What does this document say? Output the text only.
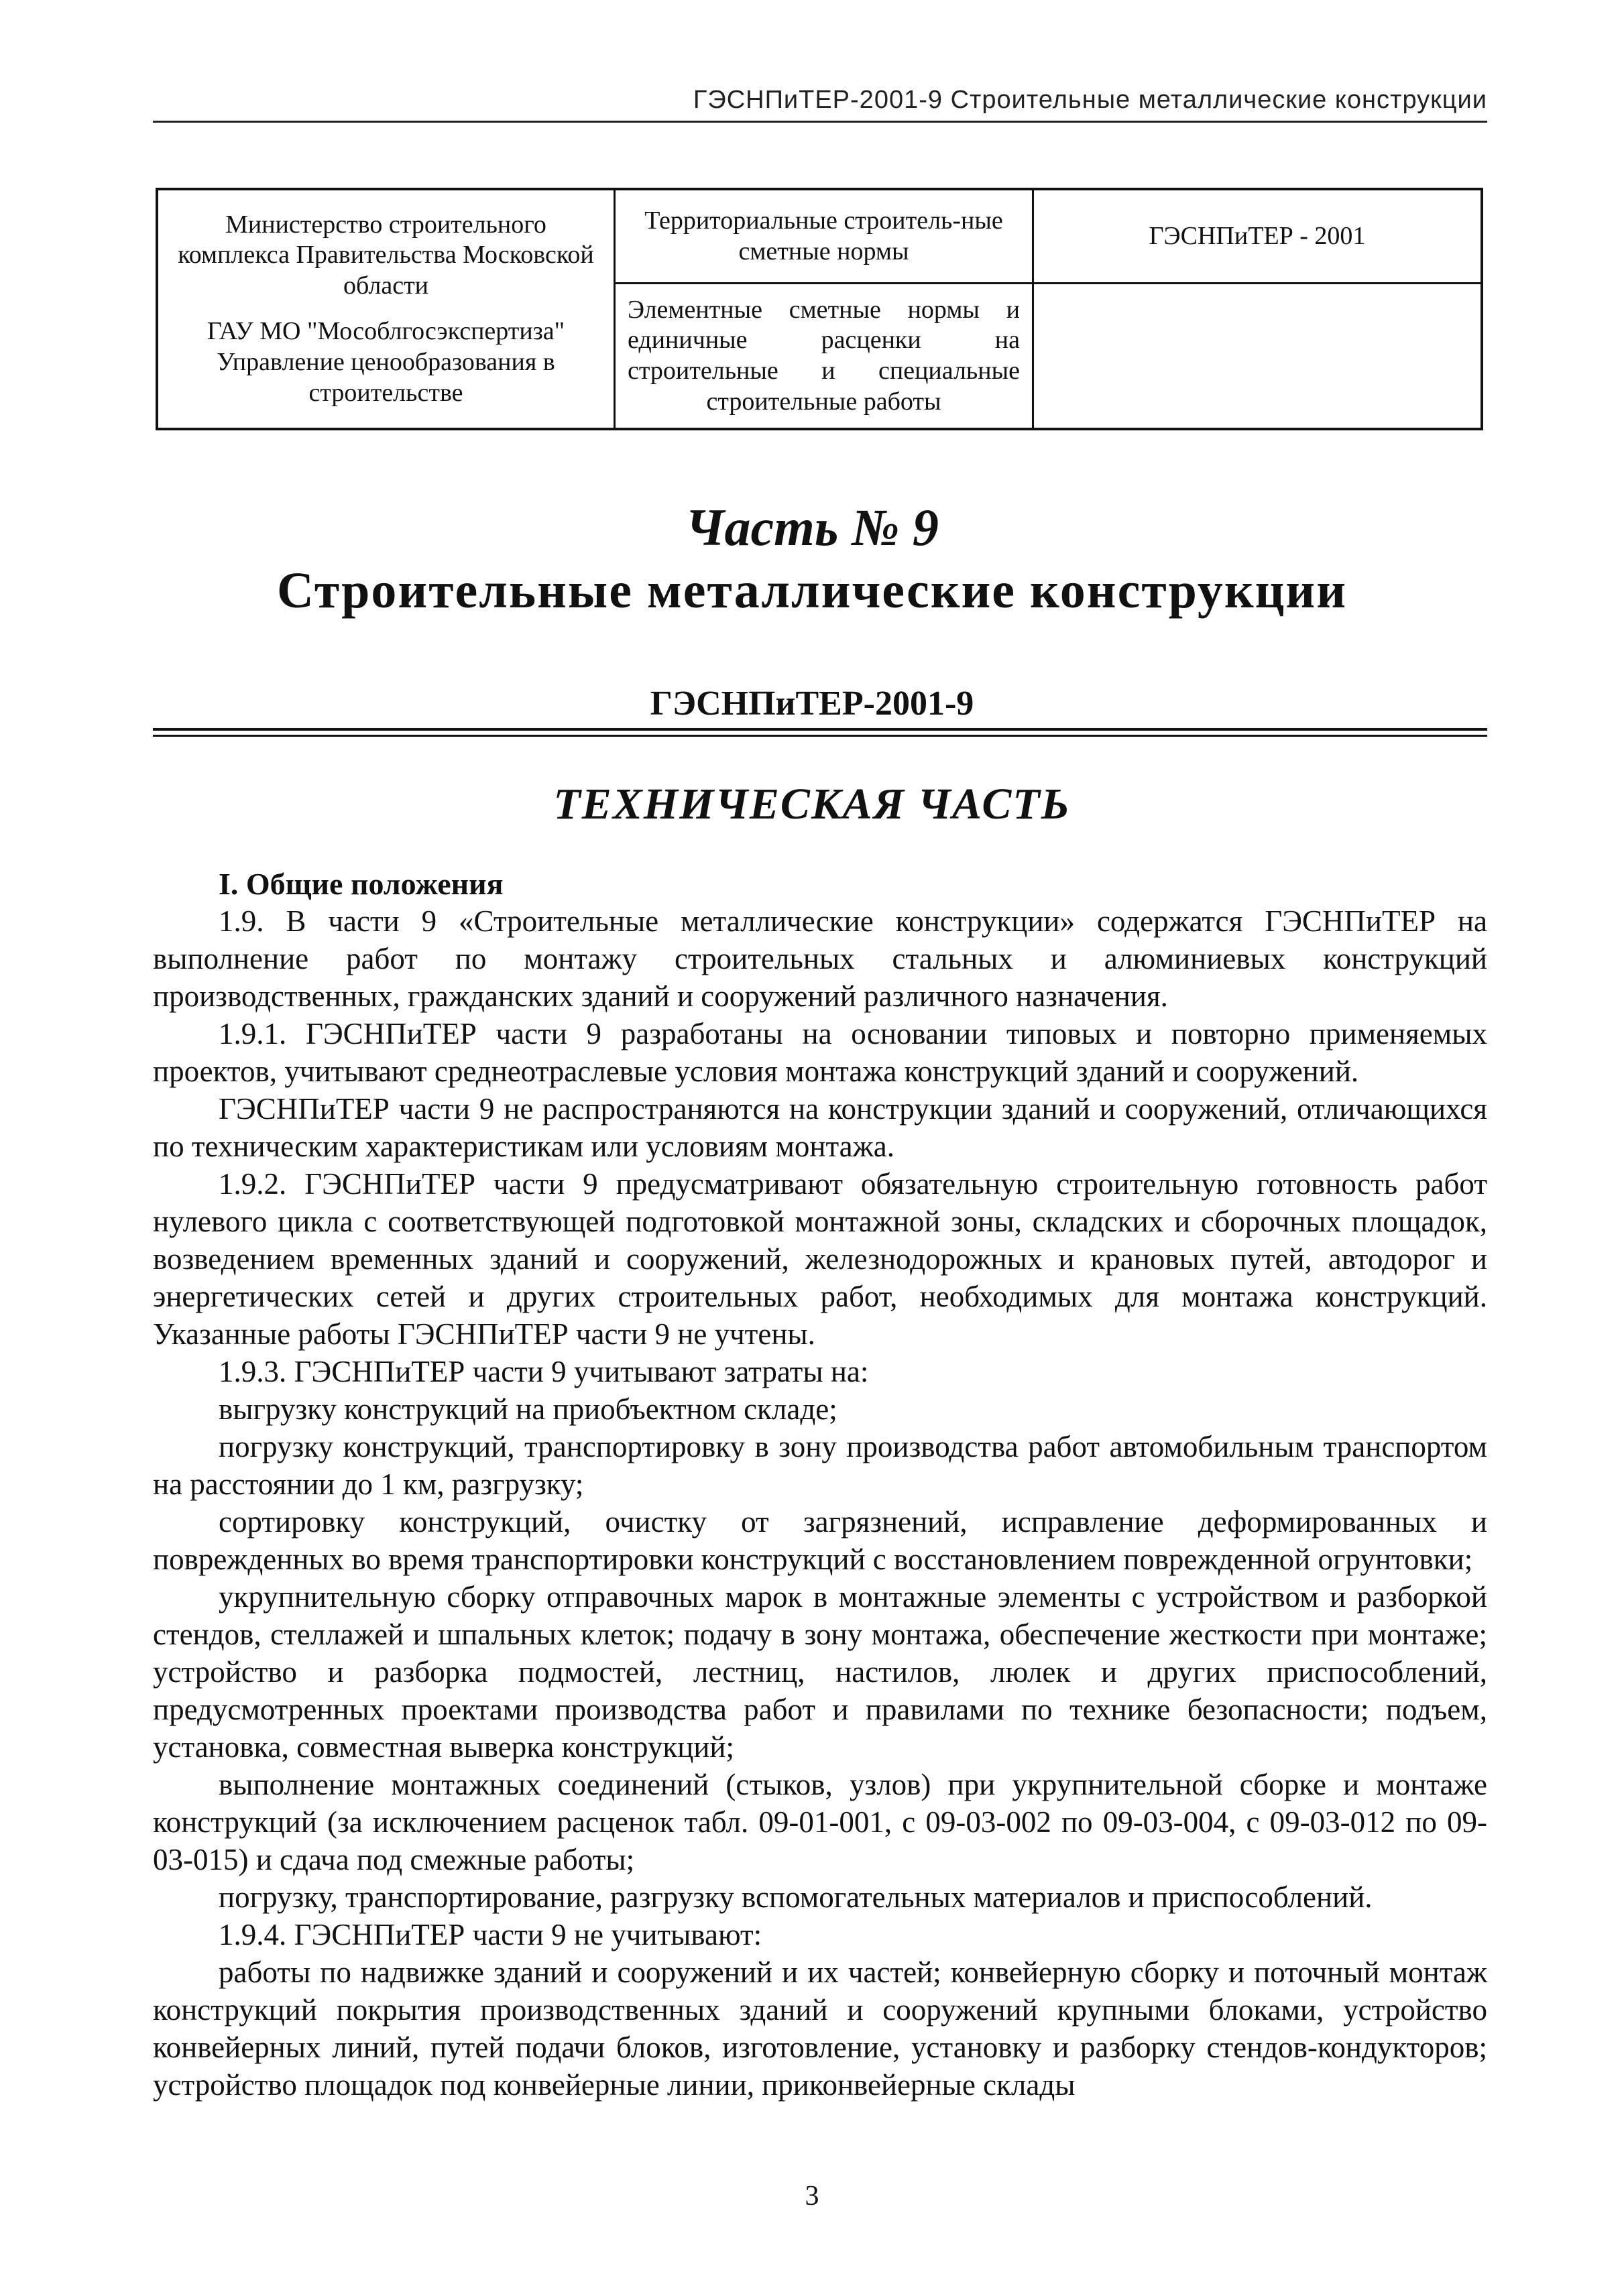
ГЭСНПиТЕР-2001-9 Строительные металлические конструкции
Министерство строительного комплекса Правительства Московской области
ГАУ МО "Мособлгосэкспертиза" Управление ценообразования в строительстве
Территориальные строитель-ные сметные нормы
ГЭСНПиТЕР - 2001
Элементные сметные нормы и единичные расценки на строительные и специальные строительные работы
Часть № 9
Строительные металлические конструкции
ГЭСНПиТЕР-2001-9
ТЕХНИЧЕСКАЯ ЧАСТЬ
I. Общие положения

1.9. В части 9 «Строительные металлические конструкции» содержатся ГЭСНПиТЕР на выполнение работ по монтажу строительных стальных и алюминиевых конструкций производственных, гражданских зданий и сооружений различного назначения.

1.9.1. ГЭСНПиТЕР части 9 разработаны на основании типовых и повторно применяемых проектов, учитывают среднеотраслевые условия монтажа конструкций зданий и сооружений.

ГЭСНПиТЕР части 9 не распространяются на конструкции зданий и сооружений, отличающихся по техническим характеристикам или условиям монтажа.

1.9.2. ГЭСНПиТЕР части 9 предусматривают обязательную строительную готовность работ нулевого цикла с соответствующей подготовкой монтажной зоны, складских и сборочных площадок, возведением временных зданий и сооружений, железнодорожных и крановых путей, автодорог и энергетических сетей и других строительных работ, необходимых для монтажа конструкций. Указанные работы ГЭСНПиТЕР части 9 не учтены.

1.9.3. ГЭСНПиТЕР части 9 учитывают затраты на:

выгрузку конструкций на приобъектном складе;

погрузку конструкций, транспортировку в зону производства работ автомобильным транспортом на расстоянии до 1 км, разгрузку;

сортировку конструкций, очистку от загрязнений, исправление деформированных и поврежденных во время транспортировки конструкций с восстановлением поврежденной огрунтовки;

укрупнительную сборку отправочных марок в монтажные элементы с устройством и разборкой стендов, стеллажей и шпальных клеток; подачу в зону монтажа, обеспечение жесткости при монтаже; устройство и разборка подмостей, лестниц, настилов, люлек и других приспособлений, предусмотренных проектами производства работ и правилами по технике безопасности; подъем, установка, совместная выверка конструкций;

выполнение монтажных соединений (стыков, узлов) при укрупнительной сборке и монтаже конструкций (за исключением расценок табл. 09-01-001, с 09-03-002 по 09-03-004, с 09-03-012 по 09-03-015) и сдача под смежные работы;

погрузку, транспортирование, разгрузку вспомогательных материалов и приспособлений.

1.9.4. ГЭСНПиТЕР части 9 не учитывают:

работы по надвижке зданий и сооружений и их частей; конвейерную сборку и поточный монтаж конструкций покрытия производственных зданий и сооружений крупными блоками, устройство конвейерных линий, путей подачи блоков, изготовление, установку и разборку стендов-кондукторов; устройство площадок под конвейерные линии, приконвейерные склады

3
